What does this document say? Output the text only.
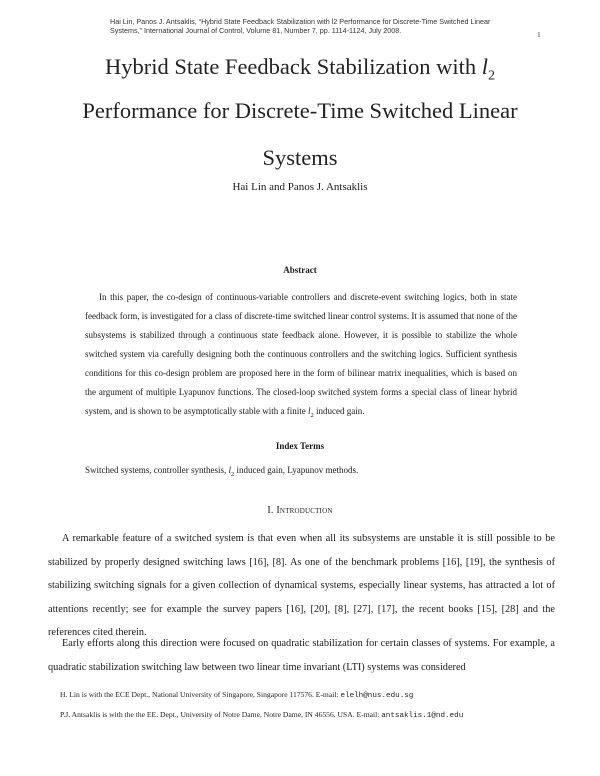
Hai Lin, Panos J. Antsaklis, “Hybrid State Feedback Stabilization with l2 Performance for Discrete-Time Switched Linear Systems,” International Journal of Control, Volume 81, Number 7, pp. 1114-1124, July 2008.	1
Hybrid State Feedback Stabilization with $l_2$
Performance for Discrete-Time Switched Linear
Systems
Hai Lin and Panos J. Antsaklis
Abstract
In this paper, the co-design of continuous-variable controllers and discrete-event switching logics, both in state feedback form, is investigated for a class of discrete-time switched linear control systems. It is assumed that none of the subsystems is stabilized through a continuous state feedback alone. However, it is possible to stabilize the whole switched system via carefully designing both the continuous controllers and the switching logics. Sufficient synthesis conditions for this co-design problem are proposed here in the form of bilinear matrix inequalities, which is based on the argument of multiple Lyapunov functions. The closed-loop switched system forms a special class of linear hybrid system, and is shown to be asymptotically stable with a finite $l_2$ induced gain.
Index Terms
Switched systems, controller synthesis, $l_2$ induced gain, Lyapunov methods.
I. Introduction
A remarkable feature of a switched system is that even when all its subsystems are unstable it is still possible to be stabilized by properly designed switching laws [16], [8]. As one of the benchmark problems [16], [19], the synthesis of stabilizing switching signals for a given collection of dynamical systems, especially linear systems, has attracted a lot of attentions recently; see for example the survey papers [16], [20], [8], [27], [17], the recent books [15], [28] and the references cited therein.
Early efforts along this direction were focused on quadratic stabilization for certain classes of systems. For example, a quadratic stabilization switching law between two linear time invariant (LTI) systems was considered
H. Lin is with the ECE Dept., National University of Singapore, Singapore 117576. E-mail: elelh@nus.edu.sg
P.J. Antsaklis is with the the EE. Dept., University of Notre Dame, Notre Dame, IN 46556, USA. E-mail: antsaklis.1@nd.edu
